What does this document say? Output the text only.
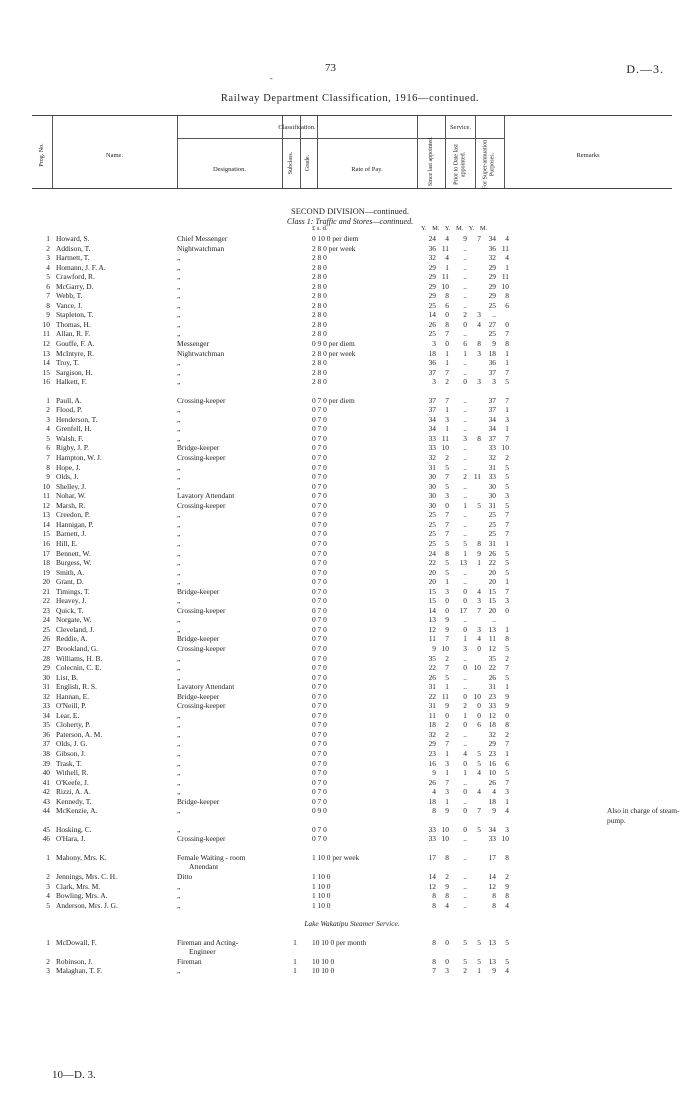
73	D.—3.
-
Railway Department Classification, 1916—continued.
Prog. No.	Name.
Classification.
Designation.	Subclass. Grade.	Rate of Pay.
Service.
Since last appointed.	Prior to Date last appointed.	For Super-annuation Purposes.	Remarks
SECOND DIVISION—continued.
Class 1: Traffic and Stores—continued.
£ s. d.	Y. M. Y. M. Y. M.
1 Howard, S.	Chief Messenger	0 10 0 per diem	24	4	9	7	34	4
2 Addison, T.	Nightwatchman	2 8 0 per week	36 11	..	36 11
3 Hartnett, T.	„	2 8 0	32	4	..	32	4
4 Homann, J. F. A.	„	2 8 0	29	1	..	29	1
5 Crawford, R.	„	2 8 0	29 11	..	29 11
6 McGarry, D.	„	2 8 0	29 10	..	29 10
7 Webb, T.	„	2 8 0	29	8	..	29	8
8 Vance, J.	„	2 8 0	25	6	..	25	6
9 Stapleton, T.	„	2 8 0	14	0	2	3	..
10 Thomas, H.	„	2 8 0	26	8	0	4	27	0
11 Allan, R. F.	„	2 8 0	25	7	..	25	7
12 Gouffe, F. A.	Messenger	0 9 0 per diem	3	0	6	8	9	8
13 McIntyre, R.	Nightwatchman	2 8 0 per week	18	1	1	3	18	1
14 Troy, T.	„	2 8 0	36	1	..	36	1
15 Sargison, H.	„	2 8 0	37	7	..	37	7
16 Halkett, F.	„	2 8 0	3	2	0	3	3	5
1 Paull, A.	Crossing-keeper	0 7 0 per diem	37	7	..	37	7
2 Flood, P.	„	0 7 0	37	1	..	37	1
3 Henderson, T.	„	0 7 0	34	3	..	34	3
4 Grenfell, H.	„	0 7 0	34	1	..	34	1
5 Walsh, F.	„	0 7 0	33 11	3	8	37	7
6 Rigby, J. P.	Bridge-keeper	0 7 0	33 10	..	33 10
7 Hampton, W. J.	Crossing-keeper	0 7 0	32	2	..	32	2
8 Hope, J.	„	0 7 0	31	5	..	31	5
9 Olds, J.	„	0 7 0	30	7	2 11	33	5
10 Shelley, J.	„	0 7 0	30	5	..	30	5
11 Nohar, W.	Lavatory Attendant	0 7 0	30	3	..	30	3
12 Marsh, R.	Crossing-keeper	0 7 0	30	0	1	5	31	5
13 Creedon, P.	„	0 7 0	25	7	..	25	7
14 Hannigan, P.	„	0 7 0	25	7	..	25	7
15 Barnett, J.	„	0 7 0	25	7	..	25	7
16 Hill, E.	„	0 7 0	25	5	5	8	31	1
17 Bennett, W.	„	0 7 0	24	8	1	9	26	5
18 Burgess, W.	„	0 7 0	22	5	13	1	22	5
19 Smith, A.	„	0 7 0	20	5	..	20	5
20 Grant, D.	„	0 7 0	20	1	..	20	1
21 Timings, T.	Bridge-keeper	0 7 0	15	3	0	4	15	7
22 Heavey, J.	„	0 7 0	15	0	0	3	15	3
23 Quick, T.	Crossing-keeper	0 7 0	14	0	17	7	20	0
24 Norgate, W.	„	0 7 0	13	9	..	..
25 Cleveland, J.	„	0 7 0	12	9	0	3	13	1
26 Reddie, A.	Bridge-keeper	0 7 0	11	7	1	4	11	8
27 Brookland, G.	Crossing-keeper	0 7 0	9 10	3	0	12	5
28 Williams, H. B.	„	0 7 0	35	2	..	35	2
29 Colecnin, C. E.	„	0 7 0	22	7	0 10	22	7
30 List, B.	„	0 7 0	26	5	..	26	5
31 English, R. S.	Lavatory Attendant	0 7 0	31	1	..	31	1
32 Hannan, E.	Bridge-keeper	0 7 0	22 11	0 10	23	9
33 O'Neill, P.	Crossing-keeper	0 7 0	31	9	2	0	33	9
34 Lear, E.	„	0 7 0	11	0	1	0	12	0
35 Cloherty, P.	„	0 7 0	18	2	0	6	18	8
36 Paterson, A. M.	„	0 7 0	32	2	..	32	2
37 Olds, J. G.	„	0 7 0	29	7	..	29	7
38 Gibson, J.	„	0 7 0	23	1	4	5	23	1
39 Trask, T.	„	0 7 0	16	3	0	5	16	6
40 Withell, R.	„	0 7 0	9	1	1	4	10	5
41 O'Keefe, J.	„	0 7 0	26	7	..	26	7
42 Rizzi, A. A.	„	0 7 0	4	3	0	4	4	3
43 Kennedy, T.	Bridge-keeper	0 7 0	18	1	..	18	1
44 McKenzie, A.	„	0 9 0	8	9	0	7	9	4	Also in charge of steam-pump.
45 Hosking, C.	„	0 7 0	33 10	0	5	34	3
46 O'Hara, J.	Crossing-keeper	0 7 0	33 10	..	33 10
1 Mahony, Mrs. K.	Female Waiting - room
Attendant
1 10 0 per week	17	8	..	17	8
2 Jennings, Mrs. C. H.	Ditto	1 10 0	14	2	..	14	2
3 Clark, Mrs. M.	„	1 10 0	12	9	..	12	9
4 Bowling, Mrs. A.	„	1 10 0	8	8	..	8	8
5 Anderson, Mrs. J. G.	„	1 10 0	8	4	..	8	4
Lake Wakatipu Steamer Service.
1 McDowall, F.	Fireman and Acting-
Engineer
1	10 10 0 per month	8	0	5	5	13	5
2 Robinson, J.	Fireman	1	10 10 0	8	0	5	5	13	5
3 Malaghan, T. F.	„	1	10 10 0	7	3	2	1	9	4
10—D. 3.
